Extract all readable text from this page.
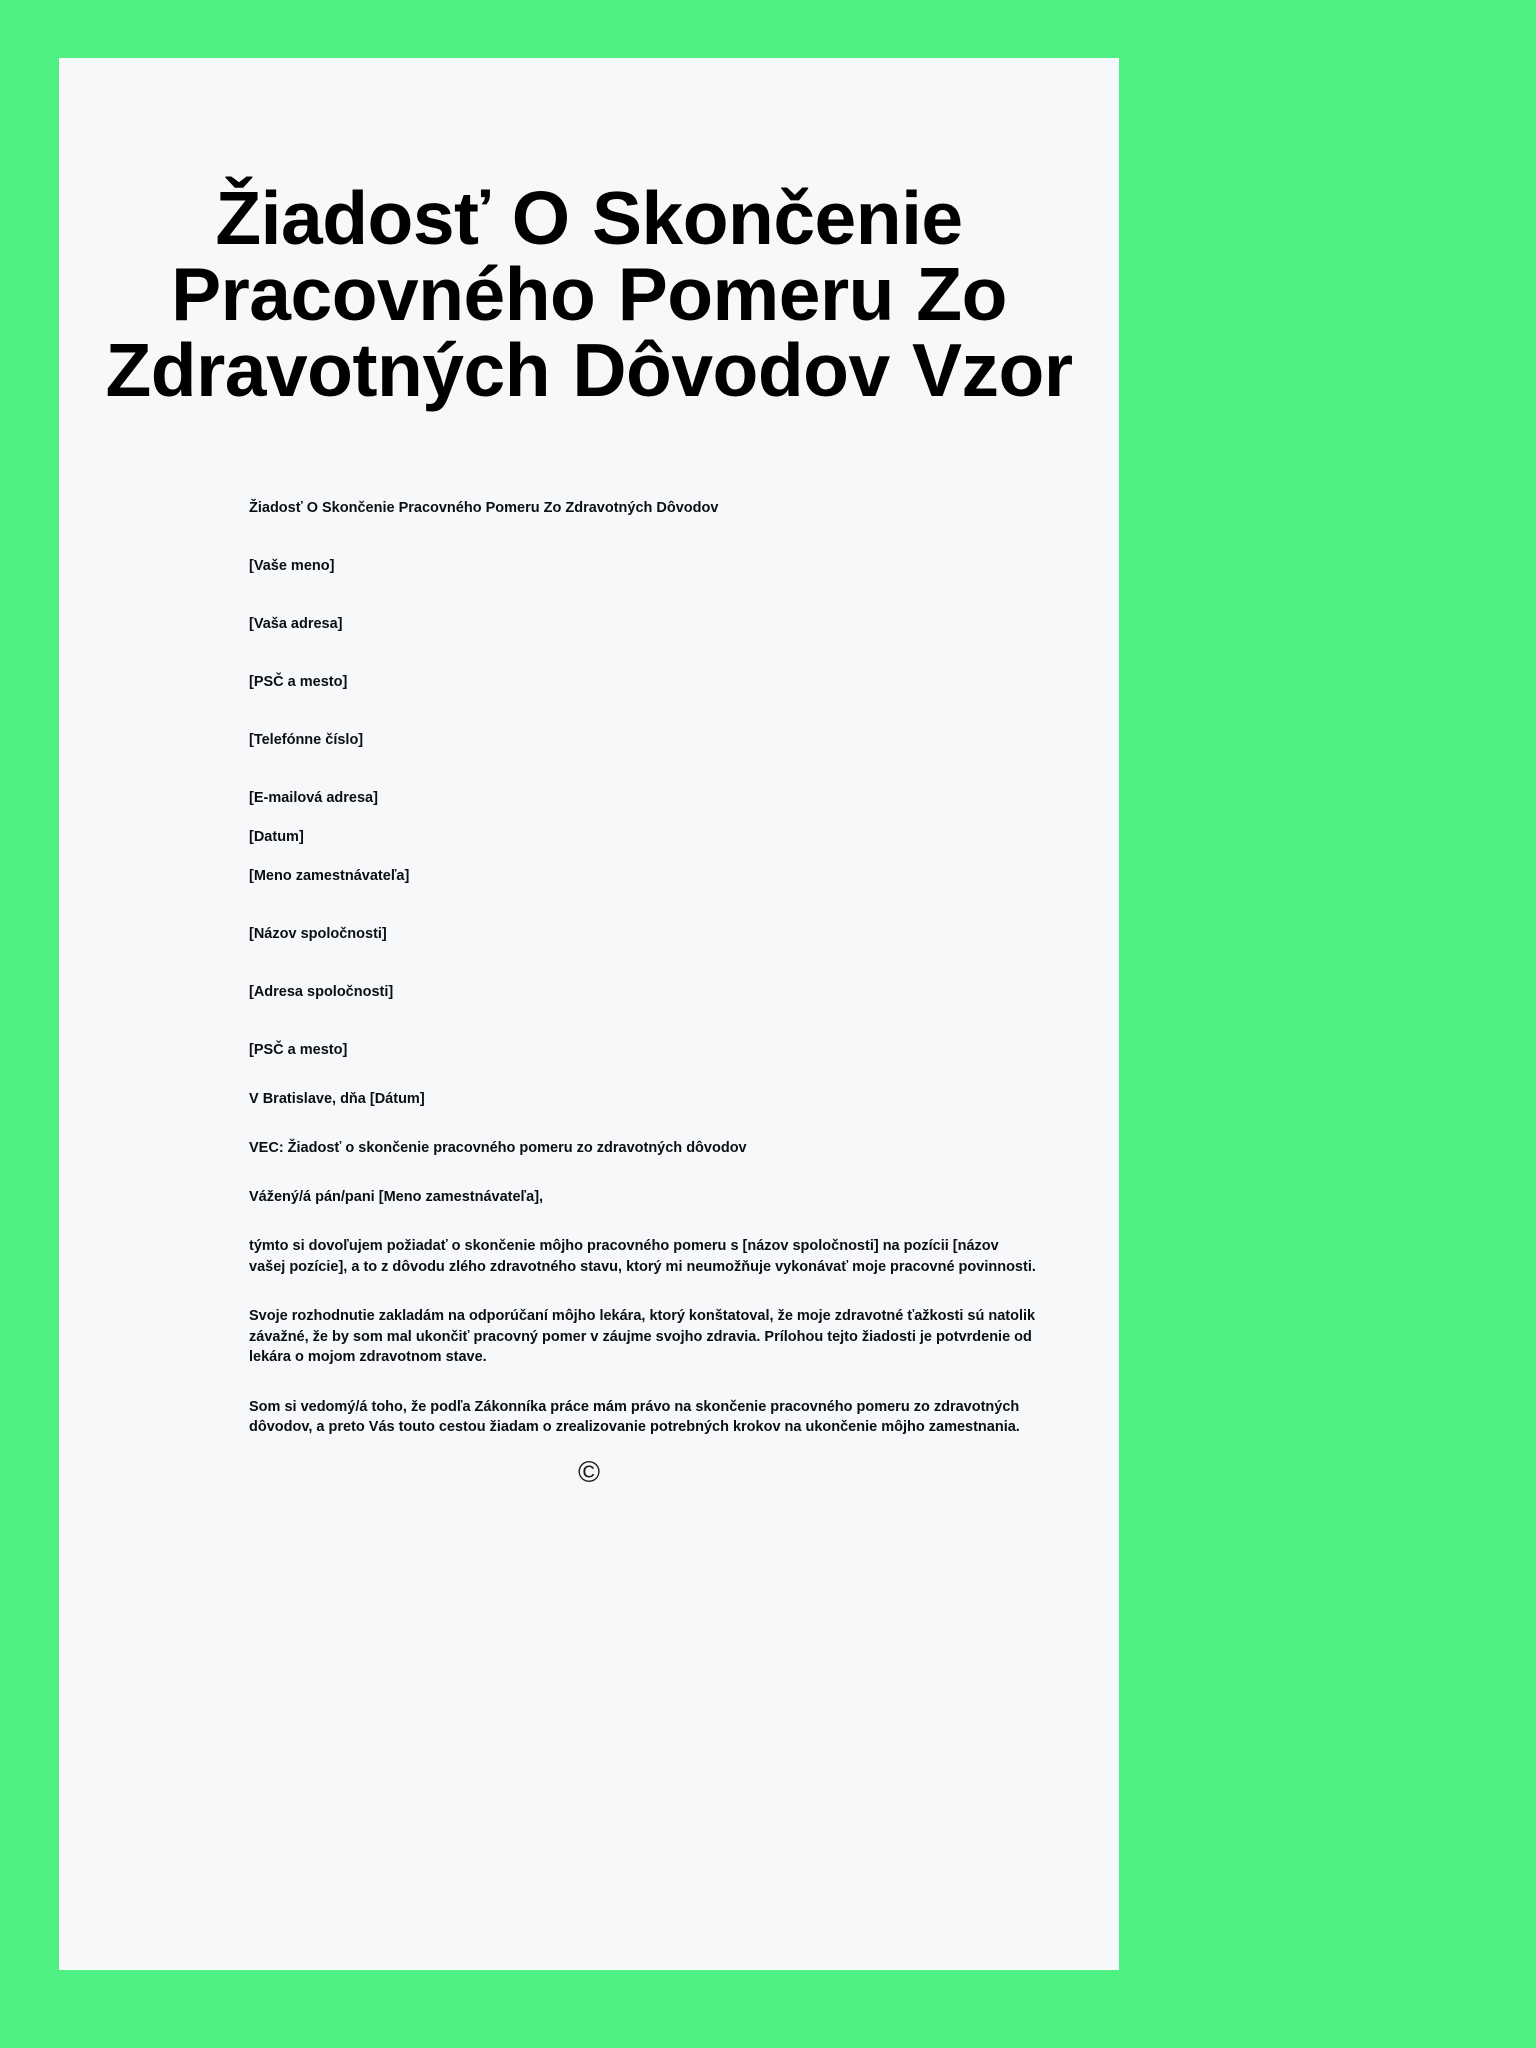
Žiadosť O Skončenie Pracovného Pomeru Zo Zdravotných Dôvodov Vzor

Žiadosť O Skončenie Pracovného Pomeru Zo Zdravotných Dôvodov

[Vaše meno]

[Vaša adresa]

[PSČ a mesto]

[Telefónne číslo]

[E-mailová adresa]

[Datum]

[Meno zamestnávateľa]

[Názov spoločnosti]

[Adresa spoločnosti]

[PSČ a mesto]

V Bratislave, dňa [Dátum]

VEC: Žiadosť o skončenie pracovného pomeru zo zdravotných dôvodov

Vážený/á pán/pani [Meno zamestnávateľa],

týmto si dovoľujem požiadať o skončenie môjho pracovného pomeru s [názov spoločnosti] na pozícii [názov vašej pozície], a to z dôvodu zlého zdravotného stavu, ktorý mi neumožňuje vykonávať moje pracovné povinnosti.

Svoje rozhodnutie zakladám na odporúčaní môjho lekára, ktorý konštatoval, že moje zdravotné ťažkosti sú natolik závažné, že by som mal ukončiť pracovný pomer v záujme svojho zdravia. Prílohou tejto žiadosti je potvrdenie od lekára o mojom zdravotnom stave.

Som si vedomý/á toho, že podľa Zákonníka práce mám právo na skončenie pracovného pomeru zo zdravotných dôvodov, a preto Vás touto cestou žiadam o zrealizovanie potrebných krokov na ukončenie môjho zamestnania.

©
